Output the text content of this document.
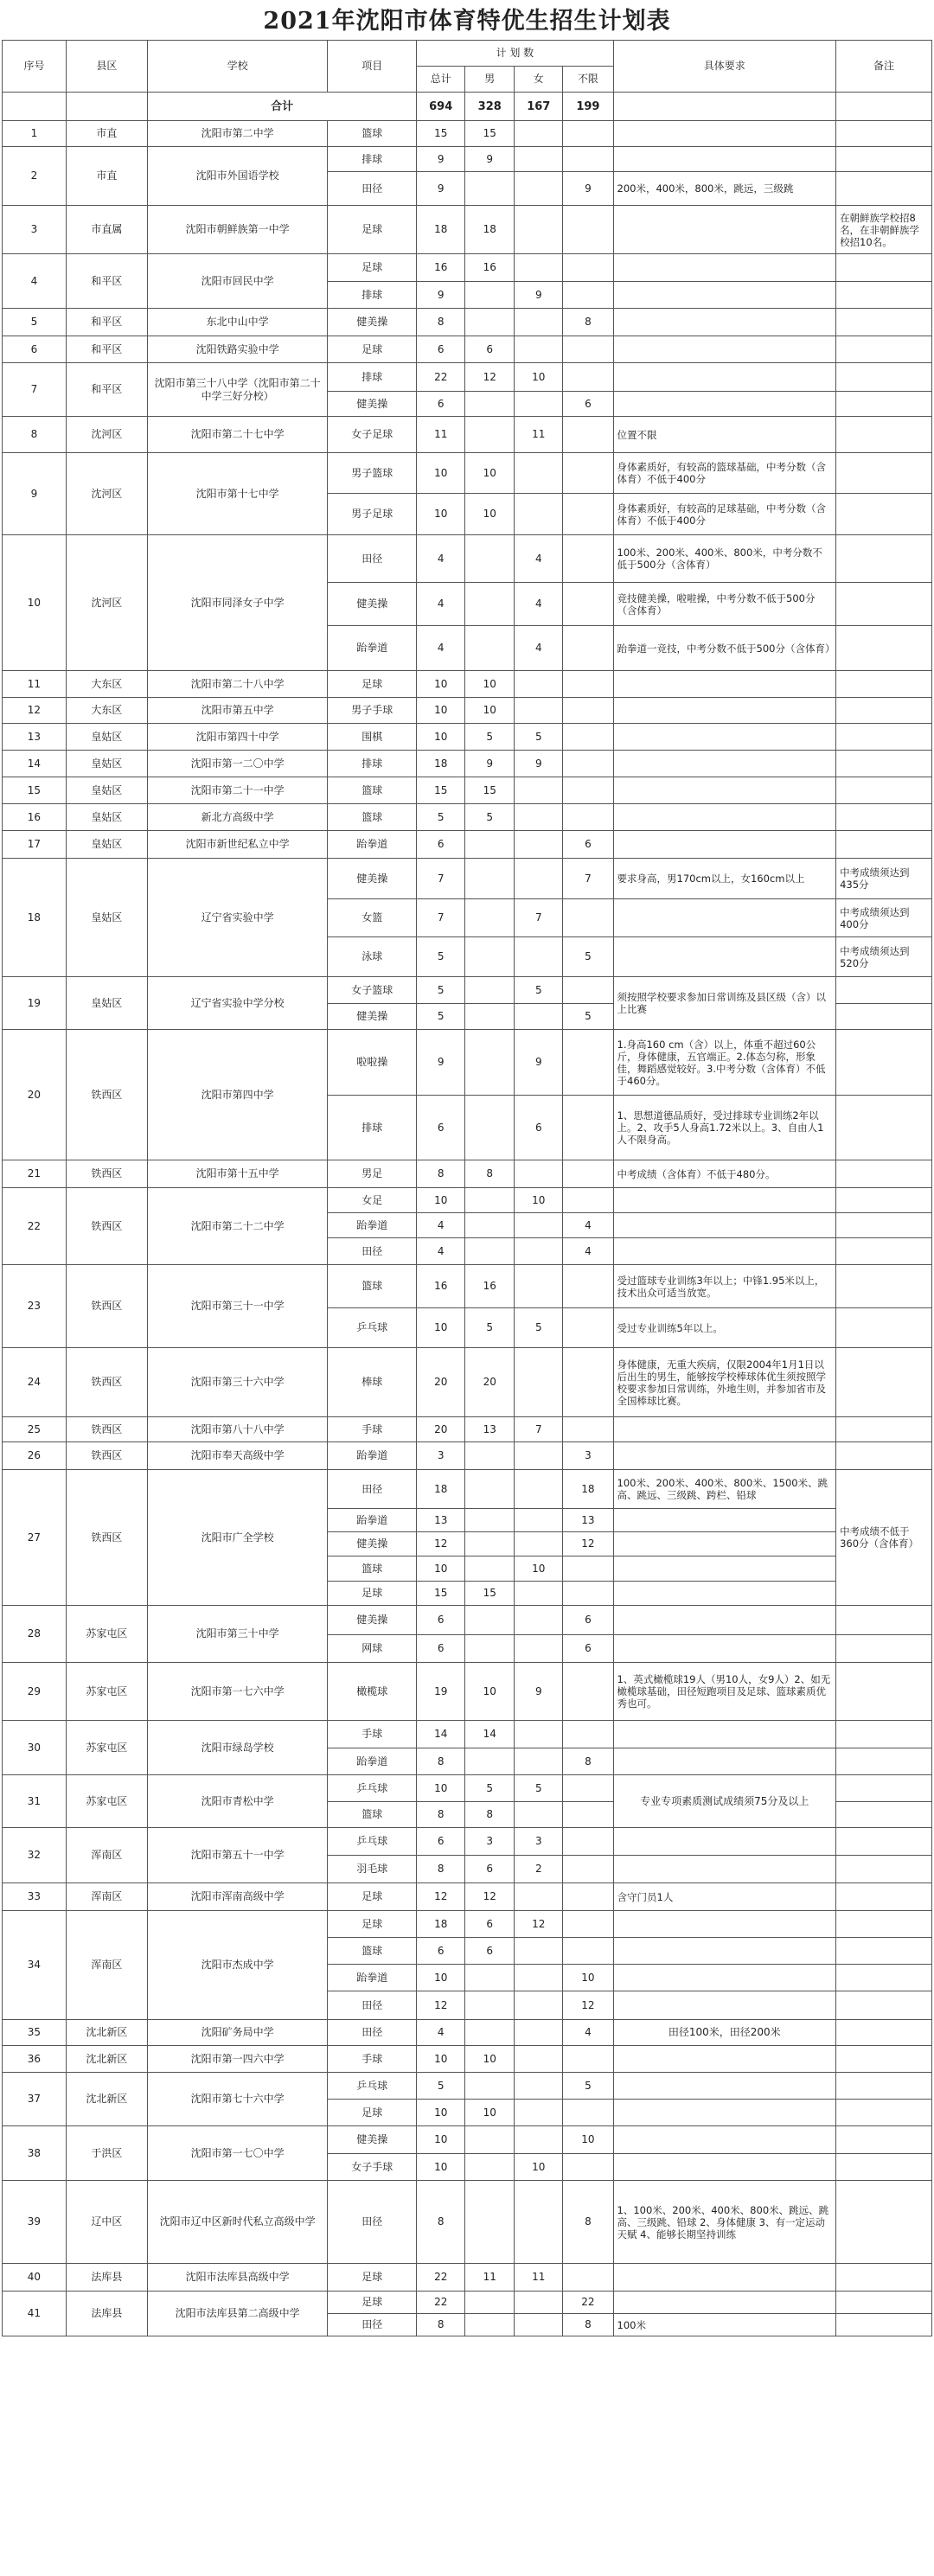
2021年沈阳市体育特优生招生计划表
序号	县区	学校	项目	计 划 数				具体要求	备注
				总计	男	女	不限		
		合计		694	328	167	199		
1	市直	沈阳市第二中学	篮球	15	15				
2	市直	沈阳市外国语学校	排球	9	9				
			田径	9			9	200米，400米，800米，跳远，三级跳	
3	市直属	沈阳市朝鲜族第一中学	足球	18	18				在朝鲜族学校招8名，在非朝鲜族学校招10名。
4	和平区	沈阳市回民中学	足球	16	16				
			排球	9		9			
5	和平区	东北中山中学	健美操	8			8		
6	和平区	沈阳铁路实验中学	足球	6	6				
7	和平区	沈阳市第三十八中学（沈阳市第二十中学三好分校）	排球	22	12	10			
			健美操	6			6		
8	沈河区	沈阳市第二十七中学	女子足球	11		11		位置不限	
9	沈河区	沈阳市第十七中学	男子篮球	10	10			身体素质好，有较高的篮球基础，中考分数（含体育）不低于400分	
			男子足球	10	10			身体素质好，有较高的足球基础，中考分数（含体育）不低于400分	
10	沈河区	沈阳市同泽女子中学	田径	4		4		100米、200米、400米、800米，中考分数不低于500分（含体育）	
			健美操	4		4		竞技健美操，啦啦操，中考分数不低于500分（含体育）	
			跆拳道	4		4		跆拳道一竞技，中考分数不低于500分（含体育）	
11	大东区	沈阳市第二十八中学	足球	10	10				
12	大东区	沈阳市第五中学	男子手球	10	10				
13	皇姑区	沈阳市第四十中学	围棋	10	5	5			
14	皇姑区	沈阳市第一二〇中学	排球	18	9	9			
15	皇姑区	沈阳市第二十一中学	篮球	15	15				
16	皇姑区	新北方高级中学	篮球	5	5				
17	皇姑区	沈阳市新世纪私立中学	跆拳道	6			6		
18	皇姑区	辽宁省实验中学	健美操	7			7	要求身高，男170cm以上，女160cm以上	中考成绩须达到435分
			女篮	7		7			中考成绩须达到400分
			泳球	5			5		中考成绩须达到520分
19	皇姑区	辽宁省实验中学分校	女子篮球	5		5		须按照学校要求参加日常训练及县区级（含）以上比赛	
			健美操	5			5		
20	铁西区	沈阳市第四中学	啦啦操	9		9		1.身高160 cm（含）以上，体重不超过60公斤，身体健康，五官端正。2.体态匀称，形象佳，舞蹈感觉较好。3.中考分数（含体育）不低于460分。	
			排球	6		6		1、思想道德品质好，受过排球专业训练2年以上。2、攻手5人身高1.72米以上。3、自由人1人不限身高。	
21	铁西区	沈阳市第十五中学	男足	8	8			中考成绩（含体育）不低于480分。	
22	铁西区	沈阳市第二十二中学	女足	10		10			
			跆拳道	4			4		
			田径	4			4		
23	铁西区	沈阳市第三十一中学	篮球	16	16			受过篮球专业训练3年以上；中锋1.95米以上，技术出众可适当放宽。	
			乒乓球	10	5	5		受过专业训练5年以上。	
24	铁西区	沈阳市第三十六中学	棒球	20	20			身体健康，无重大疾病，仅限2004年1月1日以后出生的男生，能够按学校棒球体优生须按照学校要求参加日常训练，外地生则，并参加省市及全国棒球比赛。	
25	铁西区	沈阳市第八十八中学	手球	20	13	7			
26	铁西区	沈阳市奉天高级中学	跆拳道	3			3		
27	铁西区	沈阳市广全学校	田径	18			18	100米、200米、400米、800米、1500米、跳高、跳远、三级跳、跨栏、铅球	中考成绩不低于360分（含体育）
			跆拳道	13			13		
			健美操	12			12		
			篮球	10		10			
			足球	15	15				
28	苏家屯区	沈阳市第三十中学	健美操	6			6		
			网球	6			6		
29	苏家屯区	沈阳市第一七六中学	橄榄球	19	10	9		1、英式橄榄球19人（男10人，女9人）2、如无橄榄球基础，田径短跑项目及足球、篮球素质优秀也可。	
30	苏家屯区	沈阳市绿岛学校	手球	14	14				
			跆拳道	8			8		
31	苏家屯区	沈阳市青松中学	乒乓球	10	5	5		专业专项素质测试成绩须75分及以上	
			篮球	8	8				
32	浑南区	沈阳市第五十一中学	乒乓球	6	3	3			
			羽毛球	8	6	2			
33	浑南区	沈阳市浑南高级中学	足球	12	12			含守门员1人	
34	浑南区	沈阳市杰成中学	足球	18	6	12			
			篮球	6	6				
			跆拳道	10			10		
			田径	12			12		
35	沈北新区	沈阳矿务局中学	田径	4			4	田径100米，田径200米	
36	沈北新区	沈阳市第一四六中学	手球	10	10				
37	沈北新区	沈阳市第七十六中学	乒乓球	5			5		
			足球	10	10				
38	于洪区	沈阳市第一七〇中学	健美操	10			10		
			女子手球	10		10			
39	辽中区	沈阳市辽中区新时代私立高级中学	田径	8			8	1、100米、200米、400米、800米、跳远、跳高、三级跳、铅球 2、身体健康 3、有一定运动天赋 4、能够长期坚持训练	
40	法库县	沈阳市法库县高级中学	足球	22	11	11			
41	法库县	沈阳市法库县第二高级中学	足球	22			22		
			田径	8			8	100米	
